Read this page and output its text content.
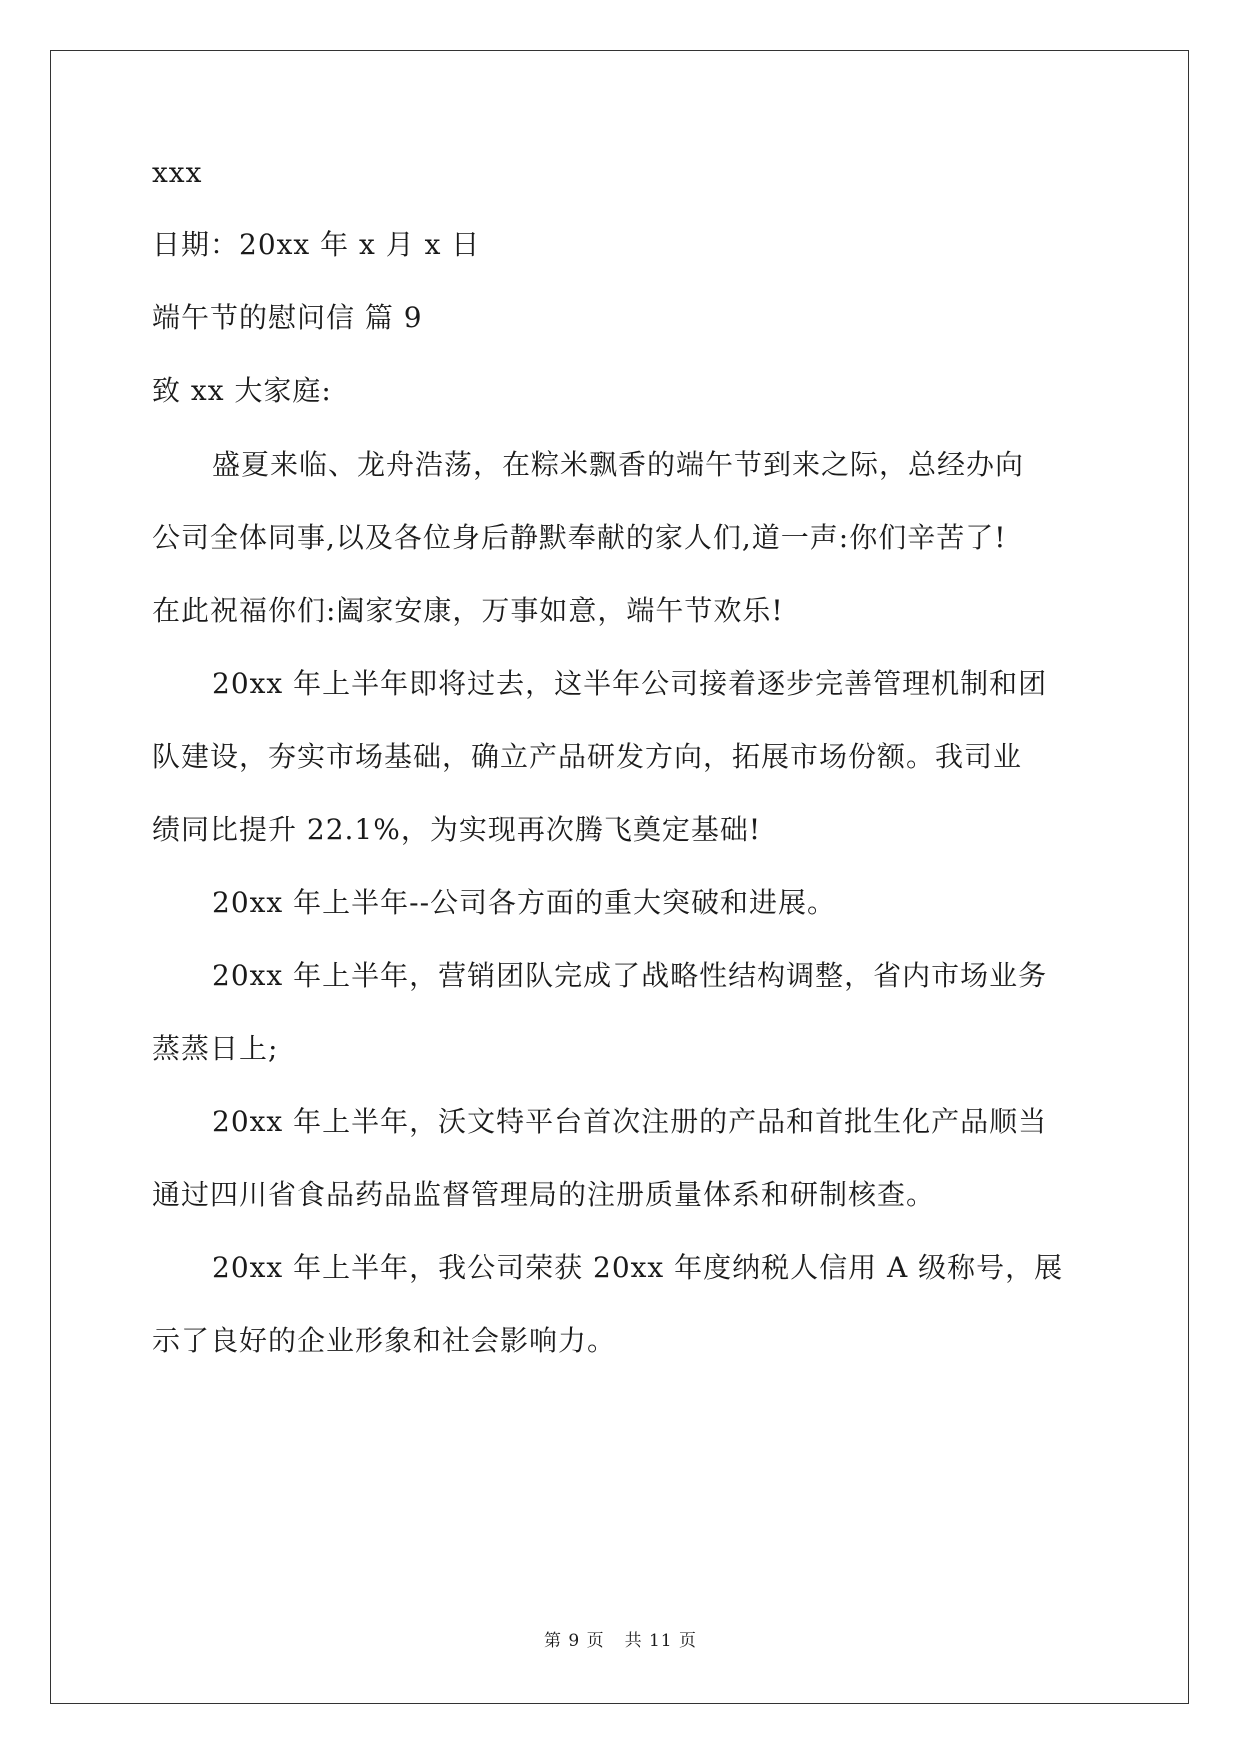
xxx
日期：20xx 年 x 月 x 日
端午节的慰问信 篇 9
致 xx 大家庭:
盛夏来临、龙舟浩荡，在粽米飘香的端午节到来之际，总经办向
公司全体同事,以及各位身后静默奉献的家人们,道一声:你们辛苦了!
在此祝福你们:阖家安康，万事如意，端午节欢乐!
20xx 年上半年即将过去，这半年公司接着逐步完善管理机制和团
队建设，夯实市场基础，确立产品研发方向，拓展市场份额。我司业
绩同比提升 22.1%，为实现再次腾飞奠定基础!
20xx 年上半年--公司各方面的重大突破和进展。
20xx 年上半年，营销团队完成了战略性结构调整，省内市场业务
蒸蒸日上;
20xx 年上半年，沃文特平台首次注册的产品和首批生化产品顺当
通过四川省食品药品监督管理局的注册质量体系和研制核查。
20xx 年上半年，我公司荣获 20xx 年度纳税人信用 A 级称号，展
示了良好的企业形象和社会影响力。
第 9 页 共 11 页
